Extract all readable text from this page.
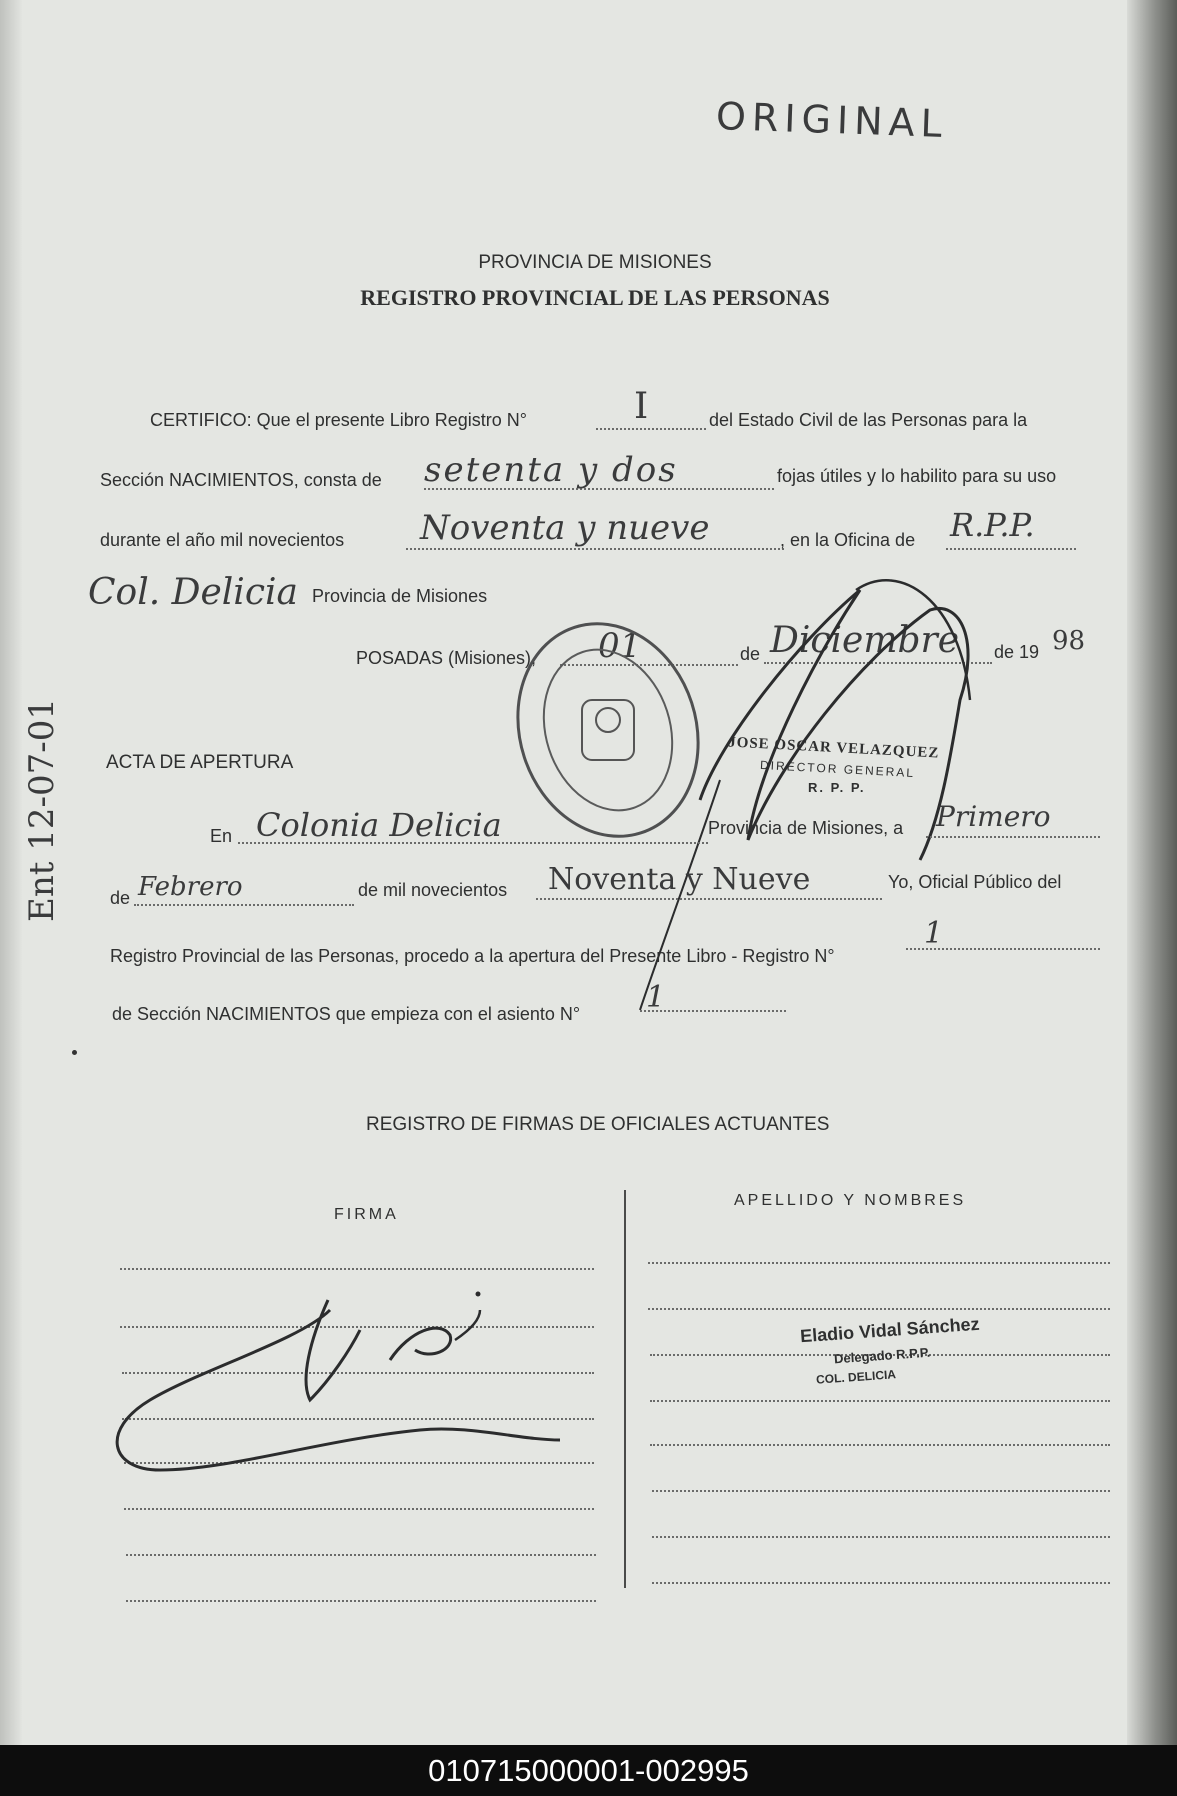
ORIGINAL
PROVINCIA DE MISIONES
REGISTRO PROVINCIAL DE LAS PERSONAS
CERTIFICO: Que el presente Libro Registro N°	I	del Estado Civil de las Personas para la
Sección NACIMIENTOS, consta de setenta y dos	fojas útiles y lo habilito para su uso
durante el año mil novecientos Noventa y nueve	, en la Oficina de R.P.P.
Col. Delicia Provincia de Misiones
POSADAS (Misiones), 01	de Diciembre de 19 98
JOSE OSCAR VELAZQUEZ
DIRECTOR GENERAL
R. P. P.
Ent 12-07-01 ACTA DE APERTURA
En Colonia Delicia	Provincia de Misiones, a Primero
de Febrero	de mil novecientos Noventa y Nueve	Yo, Oficial Público del
Registro Provincial de las Personas, procedo a la apertura del Presente Libro - Registro N°
1
de Sección NACIMIENTOS que empieza con el asiento N° 1
REGISTRO DE FIRMAS DE OFICIALES ACTUANTES
FIRMA
APELLIDO Y NOMBRES
Eladio Vidal Sánchez
Delegado R.P.P.
COL. DELICIA
010715000001-002995
